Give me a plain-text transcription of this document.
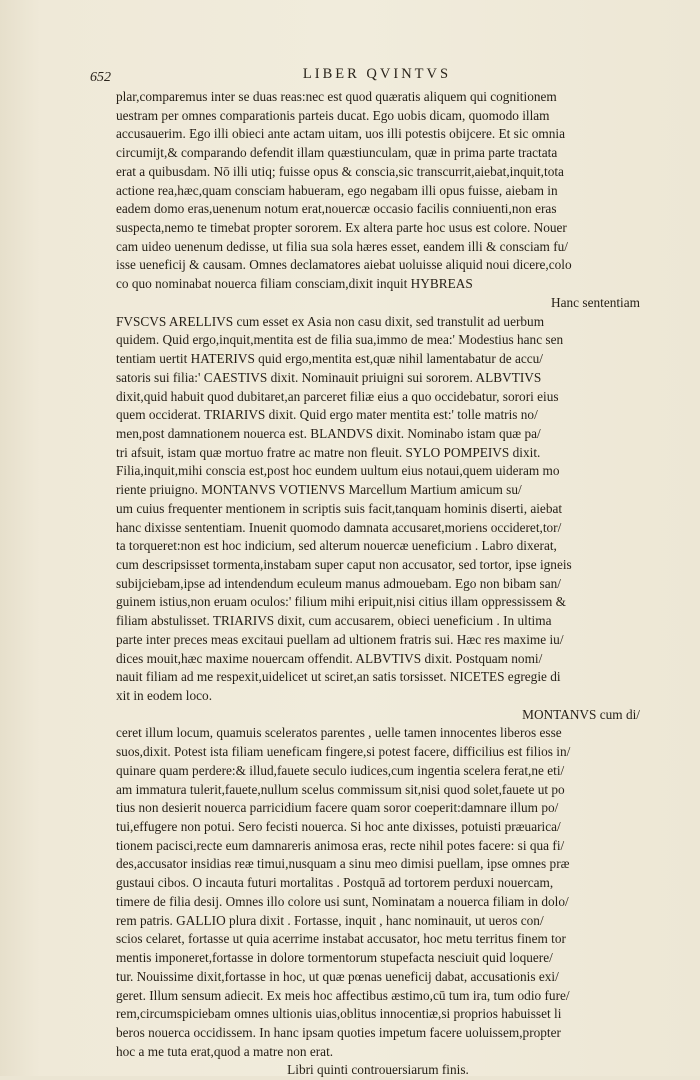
652	LIBER QVINTVS
plar,comparemus inter se duas reas:nec est quod quæratis aliquem qui cognitionem
uestram per omnes comparationis parteis ducat. Ego uobis dicam, quomodo illam
accusauerim. Ego illi obieci ante actam uitam, uos illi potestis obijcere. Et sic omnia
circumijt,& comparando defendit illam quæstiunculam, quæ in prima parte tractata
erat a quibusdam. Nō illi utiq; fuisse opus & conscia,sic transcurrit,aiebat,inquit,tota
actione rea,hæc,quam consciam habueram, ego negabam illi opus fuisse, aiebam in
eadem domo eras,uenenum notum erat,nouercæ occasio facilis conniuenti,non eras
suspecta,nemo te timebat propter sororem. Ex altera parte hoc usus est colore. Nouer
cam uideo uenenum dedisse, ut filia sua sola hæres esset, eandem illi & consciam fu/
isse ueneficij & causam. Omnes declamatores aiebat uoluisse aliquid noui dicere,colo
co quo nominabat nouerca filiam consciam,dixit inquit HYBREAS
Hanc sententiam
FVSCVS ARELLIVS cum esset ex Asia non casu dixit, sed transtulit ad uerbum
quidem. Quid ergo,inquit,mentita est de filia sua,immo de mea:' Modestius hanc sen
tentiam uertit HATERIVS quid ergo,mentita est,quæ nihil lamentabatur de accu/
satoris sui filia:' CAESTIVS dixit. Nominauit priuigni sui sororem. ALBVTIVS
dixit,quid habuit quod dubitaret,an parceret filiæ eius a quo occidebatur, sorori eius
quem occiderat. TRIARIVS dixit. Quid ergo mater mentita est:' tolle matris no/
men,post damnationem nouerca est. BLANDVS dixit. Nominabo istam quæ pa/
tri afsuit, istam quæ mortuo fratre ac matre non fleuit. SYLO POMPEIVS dixit.
Filia,inquit,mihi conscia est,post hoc eundem uultum eius notaui,quem uideram mo
riente priuigno. MONTANVS VOTIENVS Marcellum Martium amicum su/
um cuius frequenter mentionem in scriptis suis facit,tanquam hominis diserti, aiebat
hanc dixisse sententiam. Inuenit quomodo damnata accusaret,moriens occideret,tor/
ta torqueret:non est hoc indicium, sed alterum nouercæ ueneficium . Labro dixerat,
cum descripsisset tormenta,instabam super caput non accusator, sed tortor, ipse igneis
subijciebam,ipse ad intendendum eculeum manus admouebam. Ego non bibam san/
guinem istius,non eruam oculos:' filium mihi eripuit,nisi citius illam oppressissem &
filiam abstulisset. TRIARIVS dixit, cum accusarem, obieci ueneficium . In ultima
parte inter preces meas excitaui puellam ad ultionem fratris sui. Hæc res maxime iu/
dices mouit,hæc maxime nouercam offendit. ALBVTIVS dixit. Postquam nomi/
nauit filiam ad me respexit,uidelicet ut sciret,an satis torsisset. NICETES egregie di
xit in eodem loco.
MONTANVS cum di/
ceret illum locum, quamuis sceleratos parentes , uelle tamen innocentes liberos esse
suos,dixit. Potest ista filiam ueneficam fingere,si potest facere, difficilius est filios in/
quinare quam perdere:& illud,fauete seculo iudices,cum ingentia scelera ferat,ne eti/
am immatura tulerit,fauete,nullum scelus commissum sit,nisi quod solet,fauete ut po
tius non desierit nouerca parricidium facere quam soror coeperit:damnare illum po/
tui,effugere non potui. Sero fecisti nouerca. Si hoc ante dixisses, potuisti præuarica/
tionem pacisci,recte eum damnareris animosa eras, recte nihil potes facere: si qua fi/
des,accusator insidias reæ timui,nusquam a sinu meo dimisi puellam, ipse omnes præ
gustaui cibos. O incauta futuri mortalitas . Postquā ad tortorem perduxi nouercam,
timere de filia desij. Omnes illo colore usi sunt, Nominatam a nouerca filiam in dolo/
rem patris. GALLIO plura dixit . Fortasse, inquit , hanc nominauit, ut ueros con/
scios celaret, fortasse ut quia acerrime instabat accusator, hoc metu territus finem tor
mentis imponeret,fortasse in dolore tormentorum stupefacta nesciuit quid loquere/
tur. Nouissime dixit,fortasse in hoc, ut quæ pœnas ueneficij dabat, accusationis exi/
geret. Illum sensum adiecit. Ex meis hoc affectibus æstimo,cū tum ira, tum odio fure/
rem,circumspiciebam omnes ultionis uias,oblitus innocentiæ,si proprios habuisset li
beros nouerca occidissem. In hanc ipsam quoties impetum facere uoluissem,propter
hoc a me tuta erat,quod a matre non erat.
Libri quinti controuersiarum finis.
